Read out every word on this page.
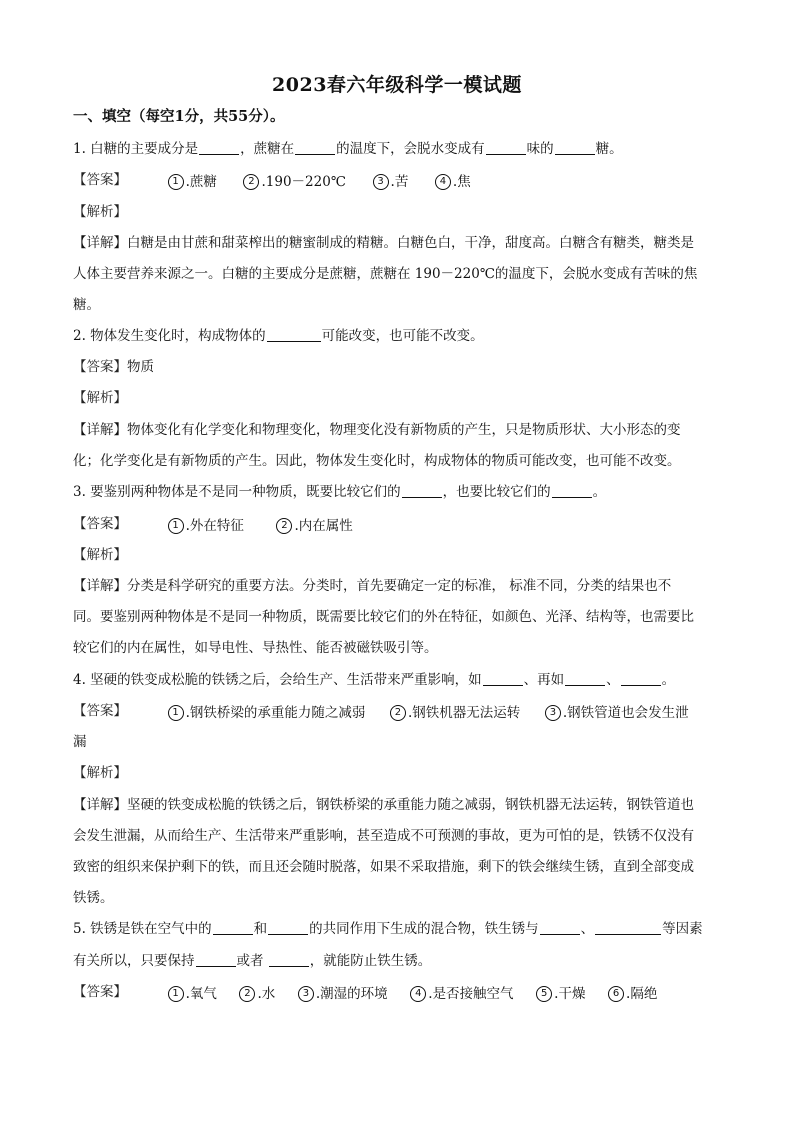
2023春六年级科学一模试题
一、填空（每空1分，共55分）。
1. 白糖的主要成分是	，蔗糖在	的温度下，会脱水变成有	味的	糖。
【答案】	1 . 蔗糖
	2 . 190－220℃
	3 . 苦
	4 . 焦
【解析】
【详解】白糖是由甘蔗和甜菜榨出的糖蜜制成的精糖。白糖色白，干净，甜度高。白糖含有糖类，糖类是
人体主要营养来源之一。白糖的主要成分是蔗糖，蔗糖在 190－220℃的温度下，会脱水变成有苦味的焦
糖。
2. 物体发生变化时，构成物体的	可能改变，也可能不改变。
【答案】物质
【解析】
【详解】物体变化有化学变化和物理变化，物理变化没有新物质的产生，只是物质形状、大小形态的变
化；化学变化是有新物质的产生。因此，物体发生变化时，构成物体的物质可能改变，也可能不改变。
3. 要鉴别两种物体是不是同一种物质，既要比较它们的	，也要比较它们的	。
【答案】	1 . 外在特征
	2 . 内在属性
【解析】
【详解】分类是科学研究的重要方法。分类时，首先要确定一定的标准， 标准不同，分类的结果也不
同。要鉴别两种物体是不是同一种物质，既需要比较它们的外在特征，如颜色、光泽、结构等，也需要比
较它们的内在属性，如导电性、导热性、能否被磁铁吸引等。
4. 坚硬的铁变成松脆的铁锈之后，会给生产、生活带来严重影响，如	、再如	、	。
【答案】	1 . 钢铁桥梁的承重能力随之减弱
	2 . 钢铁机器无法运转
	3 . 钢铁管道也会发生泄
漏
【解析】
【详解】坚硬的铁变成松脆的铁锈之后，钢铁桥梁的承重能力随之减弱，钢铁机器无法运转，钢铁管道也
会发生泄漏，从而给生产、生活带来严重影响，甚至造成不可预测的事故，更为可怕的是，铁锈不仅没有
致密的组织来保护剩下的铁，而且还会随时脱落，如果不采取措施，剩下的铁会继续生锈，直到全部变成
铁锈。
5. 铁锈是铁在空气中的	和	的共同作用下生成的混合物，铁生锈与	、	等因素
有关所以，只要保持	或者	，就能防止铁生锈。
【答案】	1 . 氧气
	2 . 水
	3 . 潮湿的环境
	4 . 是否接触空气
	5 . 干燥
	6 . 隔绝
